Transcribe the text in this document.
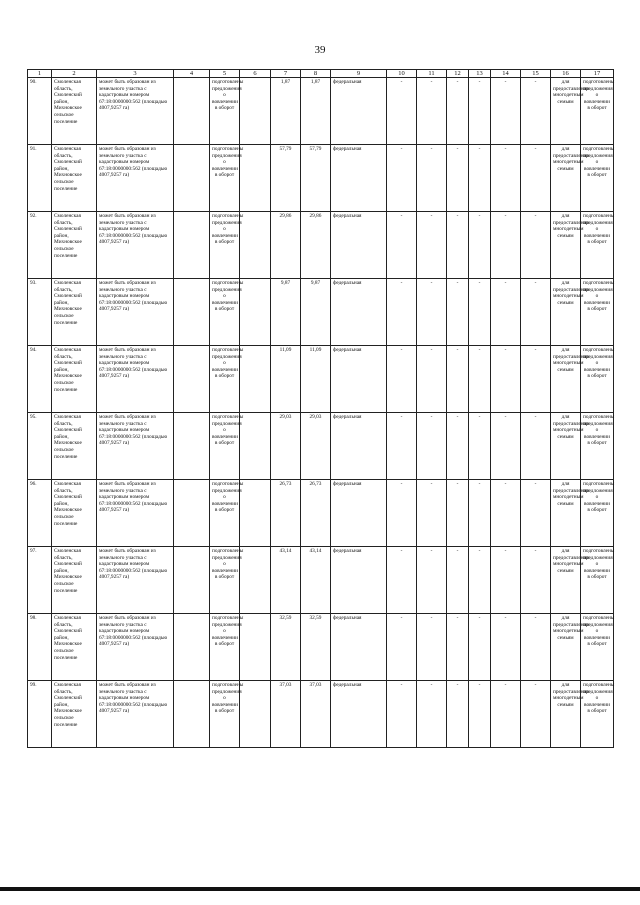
39
1	2	3	4	5	6	7	8	9	10	11	12	13	14	15	16	17
90.	Смоленская область, Смоленский район, Михновское сельское поселение	может быть образован из земельного участка с кадастровым номером 67:18:0000000:562 (площадью 4007,9257 га)		подготовлены предложения о вовлечении в оборот		1,87	1,87	федеральная	-	-	-	-	-	-	для предоставления многодетным семьям	подготовлены предложения о вовлечении в оборот
91.	Смоленская область, Смоленский район, Михновское сельское поселение	может быть образован из земельного участка с кадастровым номером 67:18:0000000:562 (площадью 4007,9257 га)		подготовлены предложения о вовлечении в оборот		57,79	57,79	федеральная	-	-	-	-	-	-	для предоставления многодетным семьям	подготовлены предложения о вовлечении в оборот
92.	Смоленская область, Смоленский район, Михновское сельское поселение	может быть образован из земельного участка с кадастровым номером 67:18:0000000:562 (площадью 4007,9257 га)		подготовлены предложения о вовлечении в оборот		29,86	29,86	федеральная	-	-	-	-	-	-	для предоставления многодетным семьям	подготовлены предложения о вовлечении в оборот
93.	Смоленская область, Смоленский район, Михновское сельское поселение	может быть образован из земельного участка с кадастровым номером 67:18:0000000:562 (площадью 4007,9257 га)		подготовлены предложения о вовлечении в оборот		9,87	9,87	федеральная	-	-	-	-	-	-	для предоставления многодетным семьям	подготовлены предложения о вовлечении в оборот
94.	Смоленская область, Смоленский район, Михновское сельское поселение	может быть образован из земельного участка с кадастровым номером 67:18:0000000:562 (площадью 4007,9257 га)		подготовлены предложения о вовлечении в оборот		11,09	11,09	федеральная	-	-	-	-	-	-	для предоставления многодетным семьям	подготовлены предложения о вовлечении в оборот
95.	Смоленская область, Смоленский район, Михновское сельское поселение	может быть образован из земельного участка с кадастровым номером 67:18:0000000:562 (площадью 4007,9257 га)		подготовлены предложения о вовлечении в оборот		29,03	29,03	федеральная	-	-	-	-	-	-	для предоставления многодетным семьям	подготовлены предложения о вовлечении в оборот
96.	Смоленская область, Смоленский район, Михновское сельское поселение	может быть образован из земельного участка с кадастровым номером 67:18:0000000:562 (площадью 4007,9257 га)		подготовлены предложения о вовлечении в оборот		26,73	26,73	федеральная	-	-	-	-	-	-	для предоставления многодетным семьям	подготовлены предложения о вовлечении в оборот
97.	Смоленская область, Смоленский район, Михновское сельское поселение	может быть образован из земельного участка с кадастровым номером 67:18:0000000:562 (площадью 4007,9257 га)		подготовлены предложения о вовлечении в оборот		43,14	43,14	федеральная	-	-	-	-	-	-	для предоставления многодетным семьям	подготовлены предложения о вовлечении в оборот
98.	Смоленская область, Смоленский район, Михновское сельское поселение	может быть образован из земельного участка с кадастровым номером 67:18:0000000:562 (площадью 4007,9257 га)		подготовлены предложения о вовлечении в оборот		32,59	32,59	федеральная	-	-	-	-	-	-	для предоставления многодетным семьям	подготовлены предложения о вовлечении в оборот
99.	Смоленская область, Смоленский район, Михновское сельское поселение	может быть образован из земельного участка с кадастровым номером 67:18:0000000:562 (площадью 4007,9257 га)		подготовлены предложения о вовлечении в оборот		37,03	37,03	федеральная	-	-	-	-	-	-	для предоставления многодетным семьям	подготовлены предложения о вовлечении в оборот
